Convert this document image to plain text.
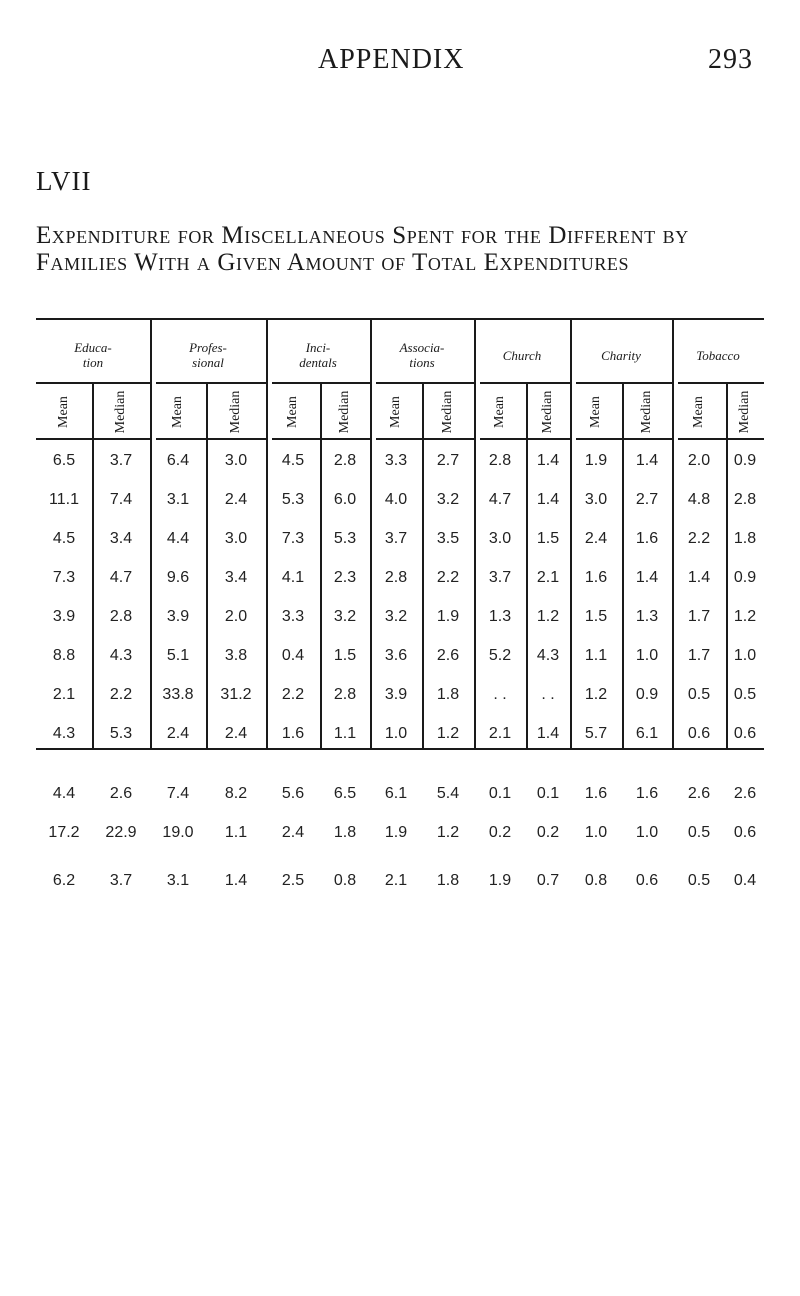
APPENDIX	293
LVII
Expenditure for Miscellaneous Spent for the Different by Families With a Given Amount of Total Expenditures
Educa-
tion
Mean	Median
Profes-
sional
Mean	Median
Inci-
dentals
Mean	Median
Associa-
tions
Mean	Median
Church
Mean Median
Charity
Mean	Median
Tobacco
Mean Median
6.5	3.7	6.4	3.0	4.5	2.8	3.3	2.7	2.8	1.4	1.9	1.4	2.0	0.9
11.1	7.4	3.1	2.4	5.3	6.0	4.0	3.2	4.7	1.4	3.0	2.7	4.8	2.8
4.5	3.4	4.4	3.0	7.3	5.3	3.7	3.5	3.0	1.5	2.4	1.6	2.2	1.8
7.3	4.7	9.6	3.4	4.1	2.3	2.8	2.2	3.7	2.1	1.6	1.4	1.4	0.9
3.9	2.8	3.9	2.0	3.3	3.2	3.2	1.9	1.3	1.2	1.5	1.3	1.7	1.2
8.8	4.3	5.1	3.8	0.4	1.5	3.6	2.6	5.2	4.3	1.1	1.0	1.7	1.0
2.1	2.2	33.8	31.2	2.2	2.8	3.9	1.8	. .	. .	1.2	0.9	0.5	0.5
4.3	5.3	2.4	2.4	1.6	1.1	1.0	1.2	2.1	1.4	5.7	6.1	0.6	0.6
4.4	2.6	7.4	8.2	5.6	6.5	6.1	5.4	0.1	0.1	1.6	1.6	2.6	2.6
17.2	22.9	19.0	1.1	2.4	1.8	1.9	1.2	0.2	0.2	1.0	1.0	0.5	0.6
6.2	3.7	3.1	1.4	2.5	0.8	2.1	1.8	1.9	0.7	0.8	0.6	0.5	0.4
